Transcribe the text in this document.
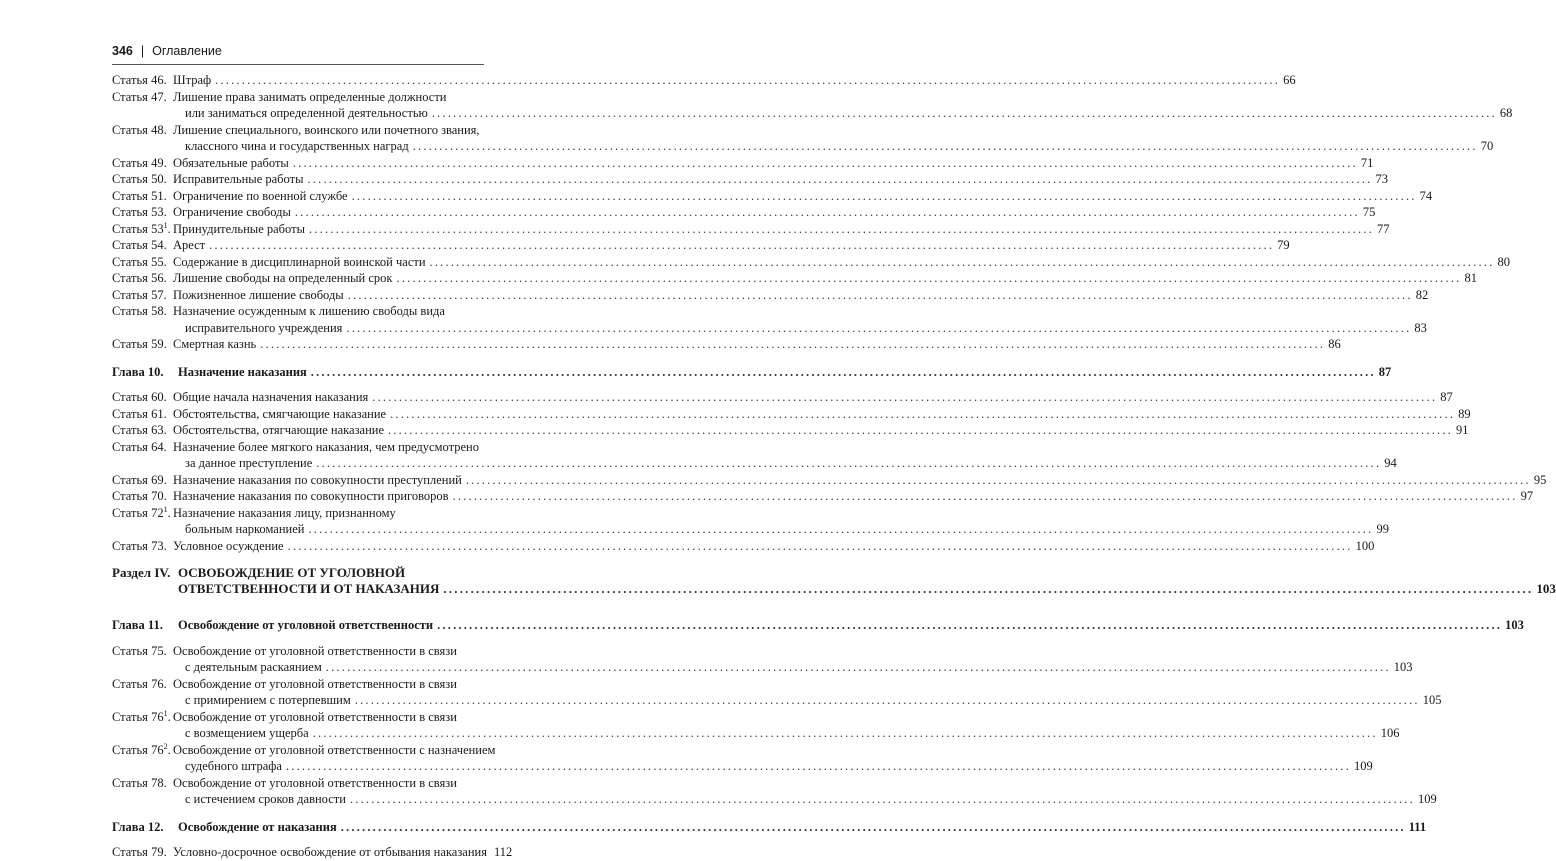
346 | Оглавление
Статья 46. Штраф ........................................................................................................................................................................................................ 66
Статья 47. Лишение права занимать определенные должности
или заниматься определенной деятельностью ........................................................................................................................................................................................................ 68
Статья 48. Лишение специального, воинского или почетного звания,
классного чина и государственных наград ........................................................................................................................................................................................................ 70
Статья 49. Обязательные работы ........................................................................................................................................................................................................ 71
Статья 50. Исправительные работы ........................................................................................................................................................................................................ 73
Статья 51. Ограничение по военной службе ........................................................................................................................................................................................................ 74
Статья 53. Ограничение свободы ........................................................................................................................................................................................................ 75
Статья $53^1$. Принудительные работы ........................................................................................................................................................................................................ 77
Статья 54. Арест ........................................................................................................................................................................................................ 79
Статья 55. Содержание в дисциплинарной воинской части ........................................................................................................................................................................................................ 80
Статья 56. Лишение свободы на определенный срок ........................................................................................................................................................................................................ 81
Статья 57. Пожизненное лишение свободы ........................................................................................................................................................................................................ 82
Статья 58. Назначение осужденным к лишению свободы вида
исправительного учреждения ........................................................................................................................................................................................................ 83
Статья 59. Смертная казнь ........................................................................................................................................................................................................ 86
Глава 10.	Назначение наказания ........................................................................................................................................................................................................ 87
Статья 60. Общие начала назначения наказания ........................................................................................................................................................................................................ 87
Статья 61. Обстоятельства, смягчающие наказание ........................................................................................................................................................................................................ 89
Статья 63. Обстоятельства, отягчающие наказание ........................................................................................................................................................................................................ 91
Статья 64. Назначение более мягкого наказания, чем предусмотрено
за данное преступление ........................................................................................................................................................................................................ 94
Статья 69. Назначение наказания по совокупности преступлений ........................................................................................................................................................................................................ 95
Статья 70. Назначение наказания по совокупности приговоров ........................................................................................................................................................................................................ 97
Статья $72^1$. Назначение наказания лицу, признанному
больным наркоманией ........................................................................................................................................................................................................ 99
Статья 73. Условное осуждение ........................................................................................................................................................................................................ 100
Раздел IV. ОСВОБОЖДЕНИЕ ОТ УГОЛОВНОЙ
ОТВЕТСТВЕННОСТИ И ОТ НАКАЗАНИЯ ........................................................................................................................................................................................................ 103
Глава 11.	Освобождение от уголовной ответственности ........................................................................................................................................................................................................ 103
Статья 75. Освобождение от уголовной ответственности в связи
с деятельным раскаянием ........................................................................................................................................................................................................ 103
Статья 76. Освобождение от уголовной ответственности в связи
с примирением с потерпевшим ........................................................................................................................................................................................................ 105
Статья $76^1$. Освобождение от уголовной ответственности в связи
с возмещением ущерба ........................................................................................................................................................................................................ 106
Статья $76^2$. Освобождение от уголовной ответственности с назначением
судебного штрафа ........................................................................................................................................................................................................ 109
Статья 78. Освобождение от уголовной ответственности в связи
с истечением сроков давности ........................................................................................................................................................................................................ 109
Глава 12.	Освобождение от наказания ........................................................................................................................................................................................................ 111
Статья 79. Условно-досрочное освобождение от отбывания наказания 112
